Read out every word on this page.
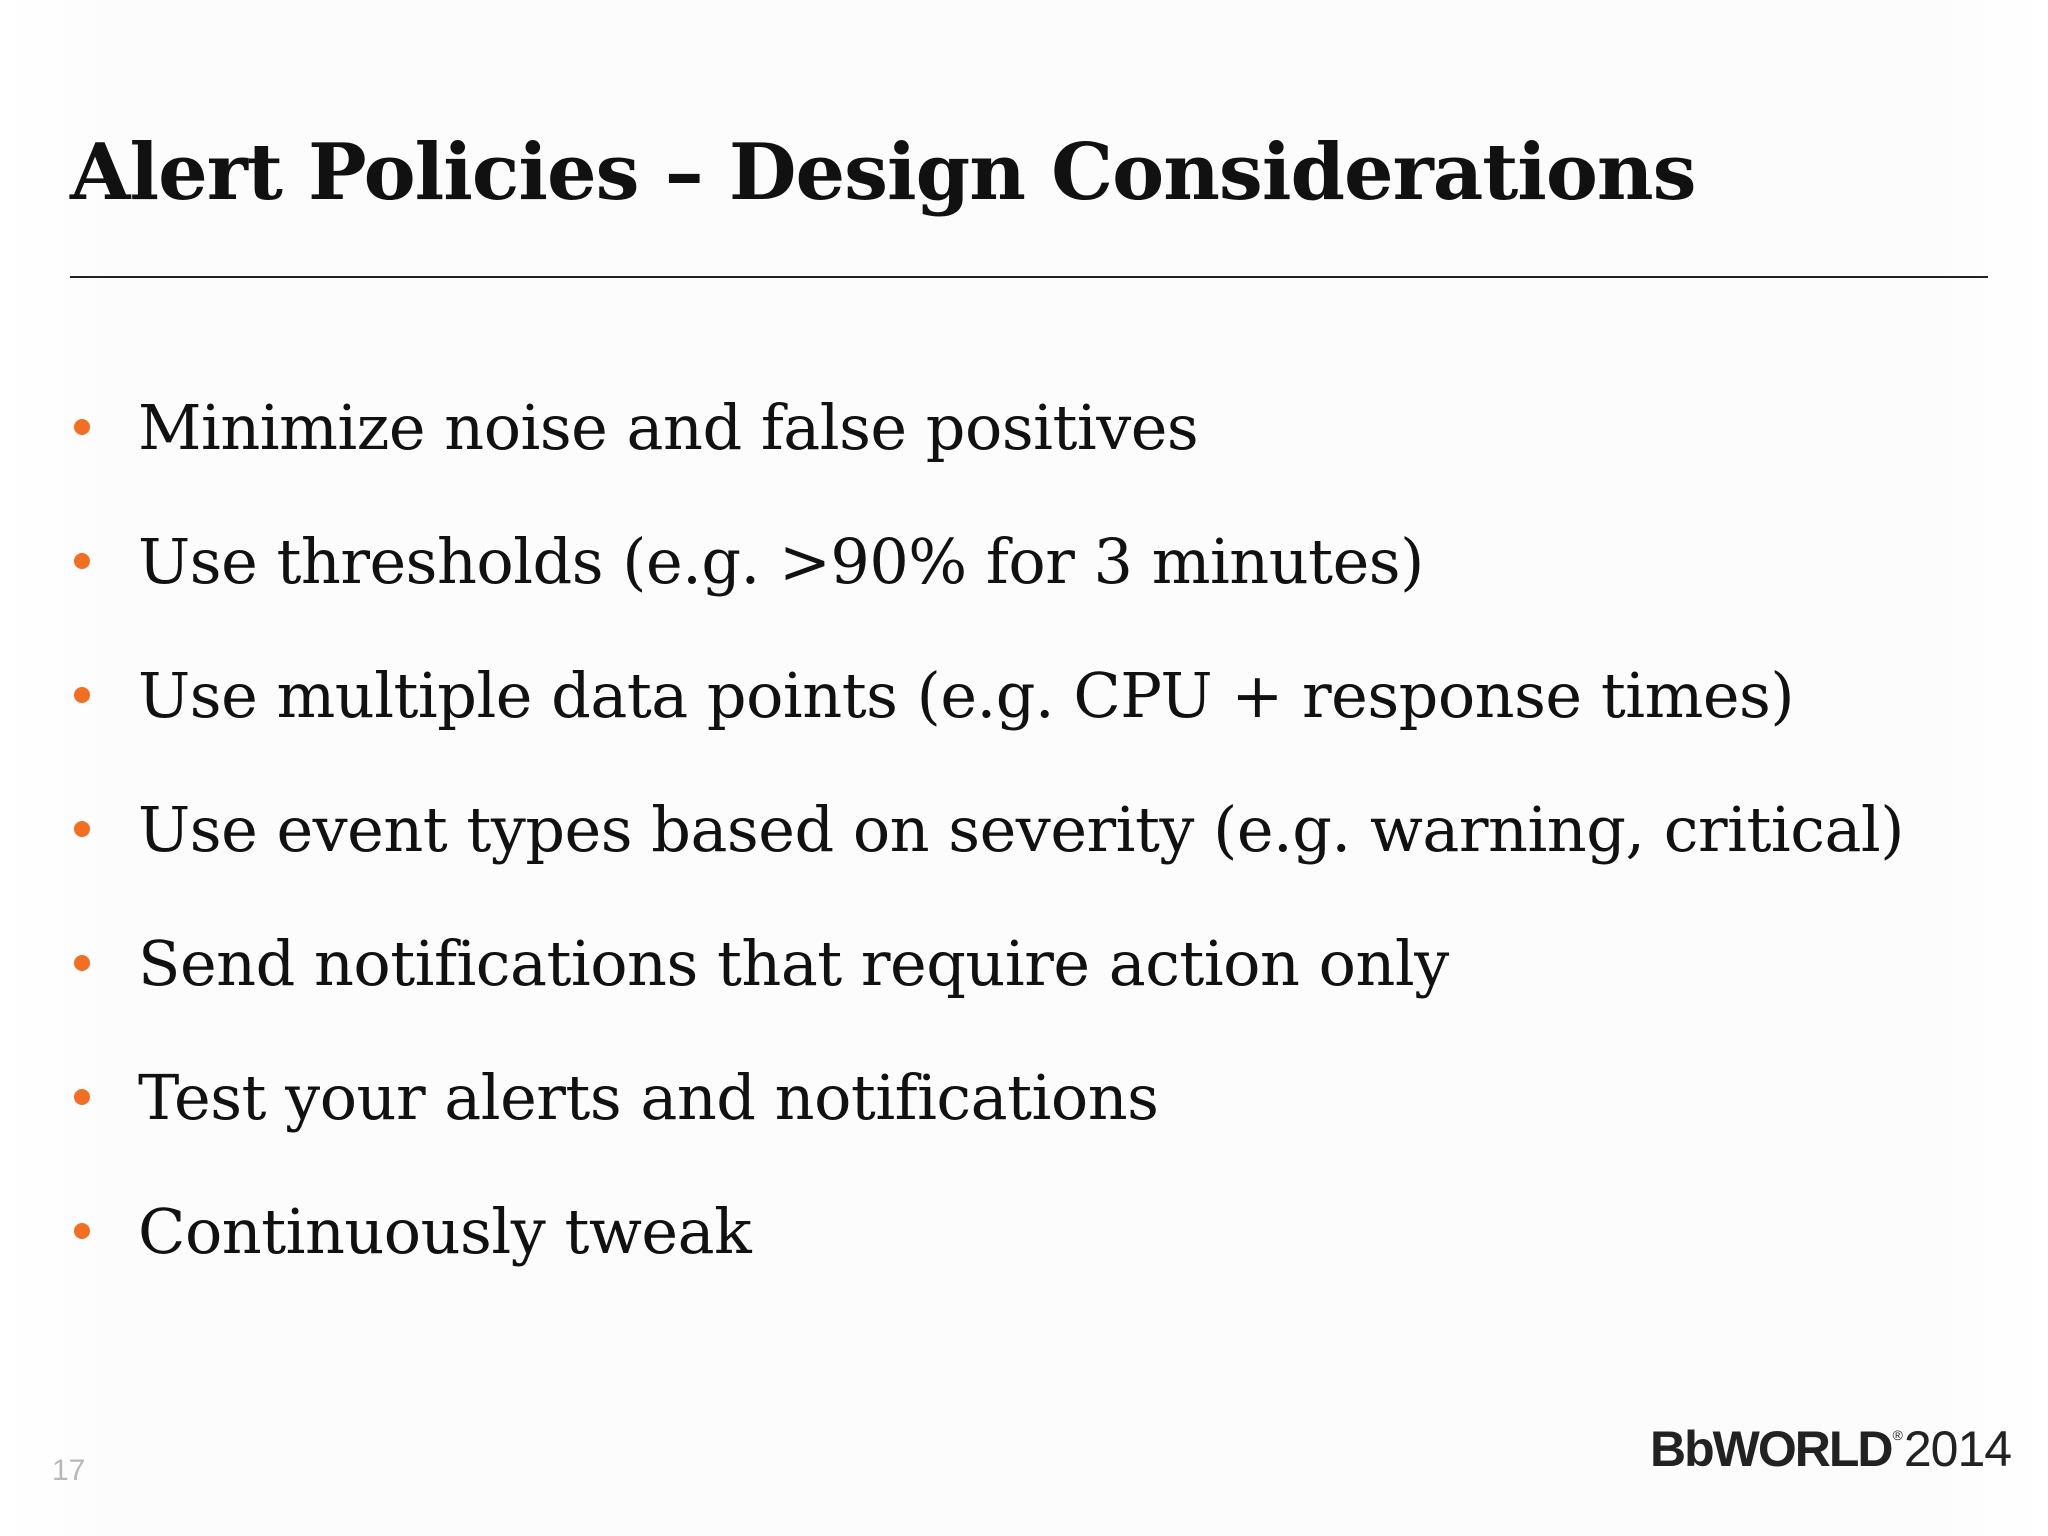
Alert Policies – Design Considerations
Minimize noise and false positives
Use thresholds (e.g. >90% for 3 minutes)
Use multiple data points (e.g. CPU + response times)
Use event types based on severity (e.g. warning, critical)
Send notifications that require action only
Test your alerts and notifications
Continuously tweak
17	BbWORLD ® 2014
